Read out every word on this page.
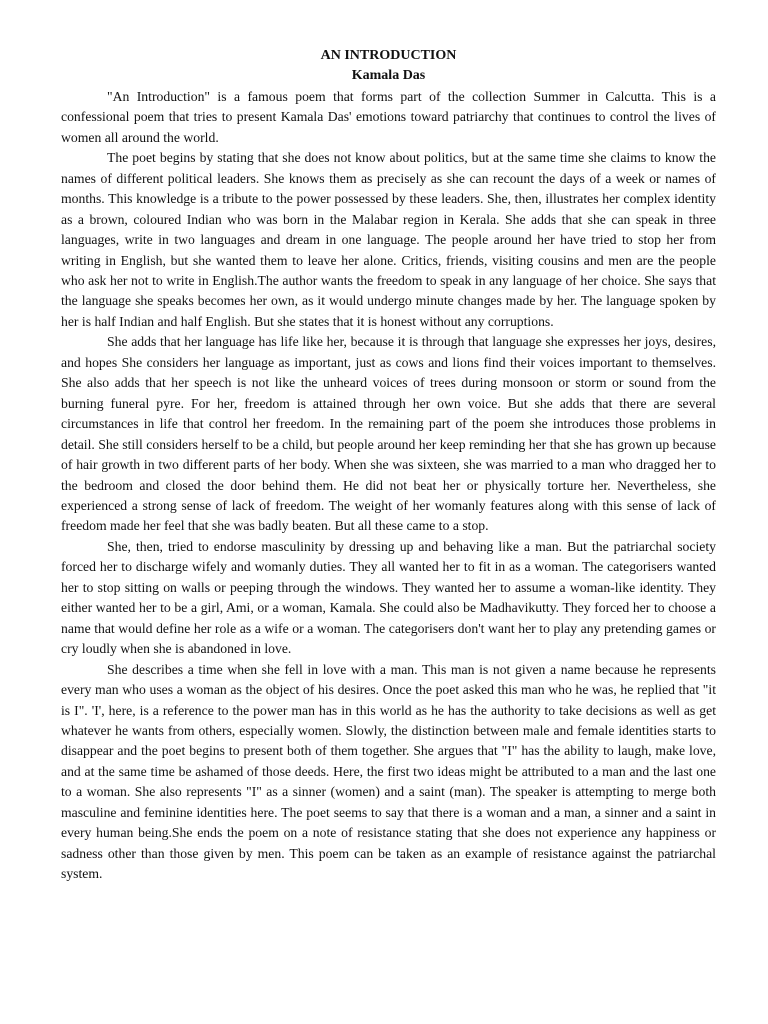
AN INTRODUCTION
Kamala Das

"An Introduction" is a famous poem that forms part of the collection Summer in Calcutta. This is a confessional poem that tries to present Kamala Das' emotions toward patriarchy that continues to control the lives of women all around the world.

The poet begins by stating that she does not know about politics, but at the same time she claims to know the names of different political leaders. She knows them as precisely as she can recount the days of a week or names of months. This knowledge is a tribute to the power possessed by these leaders. She, then, illustrates her complex identity as a brown, coloured Indian who was born in the Malabar region in Kerala. She adds that she can speak in three languages, write in two languages and dream in one language. The people around her have tried to stop her from writing in English, but she wanted them to leave her alone. Critics, friends, visiting cousins and men are the people who ask her not to write in English.The author wants the freedom to speak in any language of her choice. She says that the language she speaks becomes her own, as it would undergo minute changes made by her. The language spoken by her is half Indian and half English. But she states that it is honest without any corruptions.

She adds that her language has life like her, because it is through that language she expresses her joys, desires, and hopes She considers her language as important, just as cows and lions find their voices important to themselves. She also adds that her speech is not like the unheard voices of trees during monsoon or storm or sound from the burning funeral pyre. For her, freedom is attained through her own voice. But she adds that there are several circumstances in life that control her freedom. In the remaining part of the poem she introduces those problems in detail. She still considers herself to be a child, but people around her keep reminding her that she has grown up because of hair growth in two different parts of her body. When she was sixteen, she was married to a man who dragged her to the bedroom and closed the door behind them. He did not beat her or physically torture her. Nevertheless, she experienced a strong sense of lack of freedom. The weight of her womanly features along with this sense of lack of freedom made her feel that she was badly beaten. But all these came to a stop.

She, then, tried to endorse masculinity by dressing up and behaving like a man. But the patriarchal society forced her to discharge wifely and womanly duties. They all wanted her to fit in as a woman. The categorisers wanted her to stop sitting on walls or peeping through the windows. They wanted her to assume a woman-like identity. They either wanted her to be a girl, Ami, or a woman, Kamala. She could also be Madhavikutty. They forced her to choose a name that would define her role as a wife or a woman. The categorisers don't want her to play any pretending games or cry loudly when she is abandoned in love.

She describes a time when she fell in love with a man. This man is not given a name because he represents every man who uses a woman as the object of his desires. Once the poet asked this man who he was, he replied that "it is I". 'I', here, is a reference to the power man has in this world as he has the authority to take decisions as well as get whatever he wants from others, especially women. Slowly, the distinction between male and female identities starts to disappear and the poet begins to present both of them together. She argues that "I" has the ability to laugh, make love, and at the same time be ashamed of those deeds. Here, the first two ideas might be attributed to a man and the last one to a woman. She also represents "I" as a sinner (women) and a saint (man). The speaker is attempting to merge both masculine and feminine identities here. The poet seems to say that there is a woman and a man, a sinner and a saint in every human being.She ends the poem on a note of resistance stating that she does not experience any happiness or sadness other than those given by men. This poem can be taken as an example of resistance against the patriarchal system.
